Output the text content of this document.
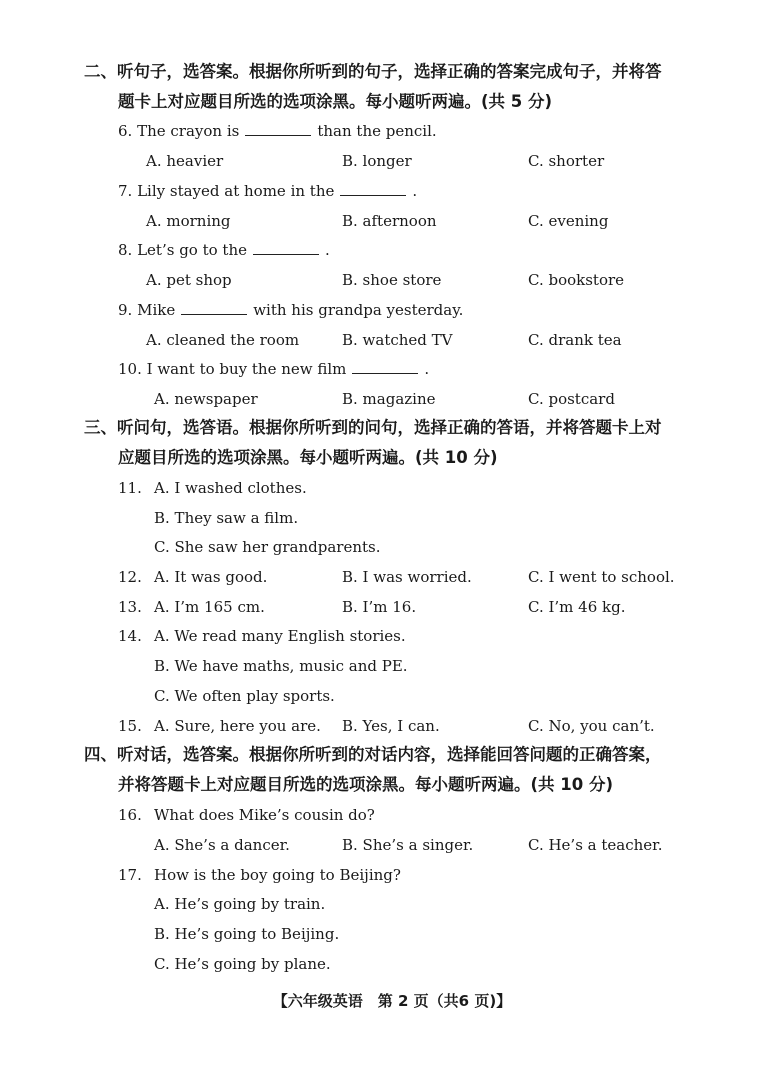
二、听句子，选答案。根据你所听到的句子，选择正确的答案完成句子，并将答
题卡上对应题目所选的选项涂黑。每小题听两遍。(共 5 分)
6. The crayon is	than the pencil.
A. heavier	B. longer	C. shorter
7. Lily stayed at home in the	.
A. morning	B. afternoon	C. evening
8. Let’s go to the	.
A. pet shop	B. shoe store	C. bookstore
9. Mike	with his grandpa yesterday.
A. cleaned the room	B. watched TV	C. drank tea
10. I want to buy the new film	.
A. newspaper	B. magazine	C. postcard
三、听问句，选答语。根据你所听到的问句，选择正确的答语，并将答题卡上对
应题目所选的选项涂黑。每小题听两遍。(共 10 分)
11. A. I washed clothes.
B. They saw a film.
C. She saw her grandparents.
12. A. It was good.	B. I was worried.	C. I went to school.
13. A. I’m 165 cm.	B. I’m 16.	C. I’m 46 kg.
14. A. We read many English stories.
B. We have maths, music and PE.
C. We often play sports.
15. A. Sure, here you are. B. Yes, I can.	C. No, you can’t.
四、听对话，选答案。根据你所听到的对话内容，选择能回答问题的正确答案，
并将答题卡上对应题目所选的选项涂黑。每小题听两遍。(共 10 分)
16. What does Mike’s cousin do?
A. She’s a dancer.	B. She’s a singer.	C. He’s a teacher.
17. How is the boy going to Beijing?
A. He’s going by train.
B. He’s going to Beijing.
C. He’s going by plane.
【六年级英语　第 2 页（共6 页)】
